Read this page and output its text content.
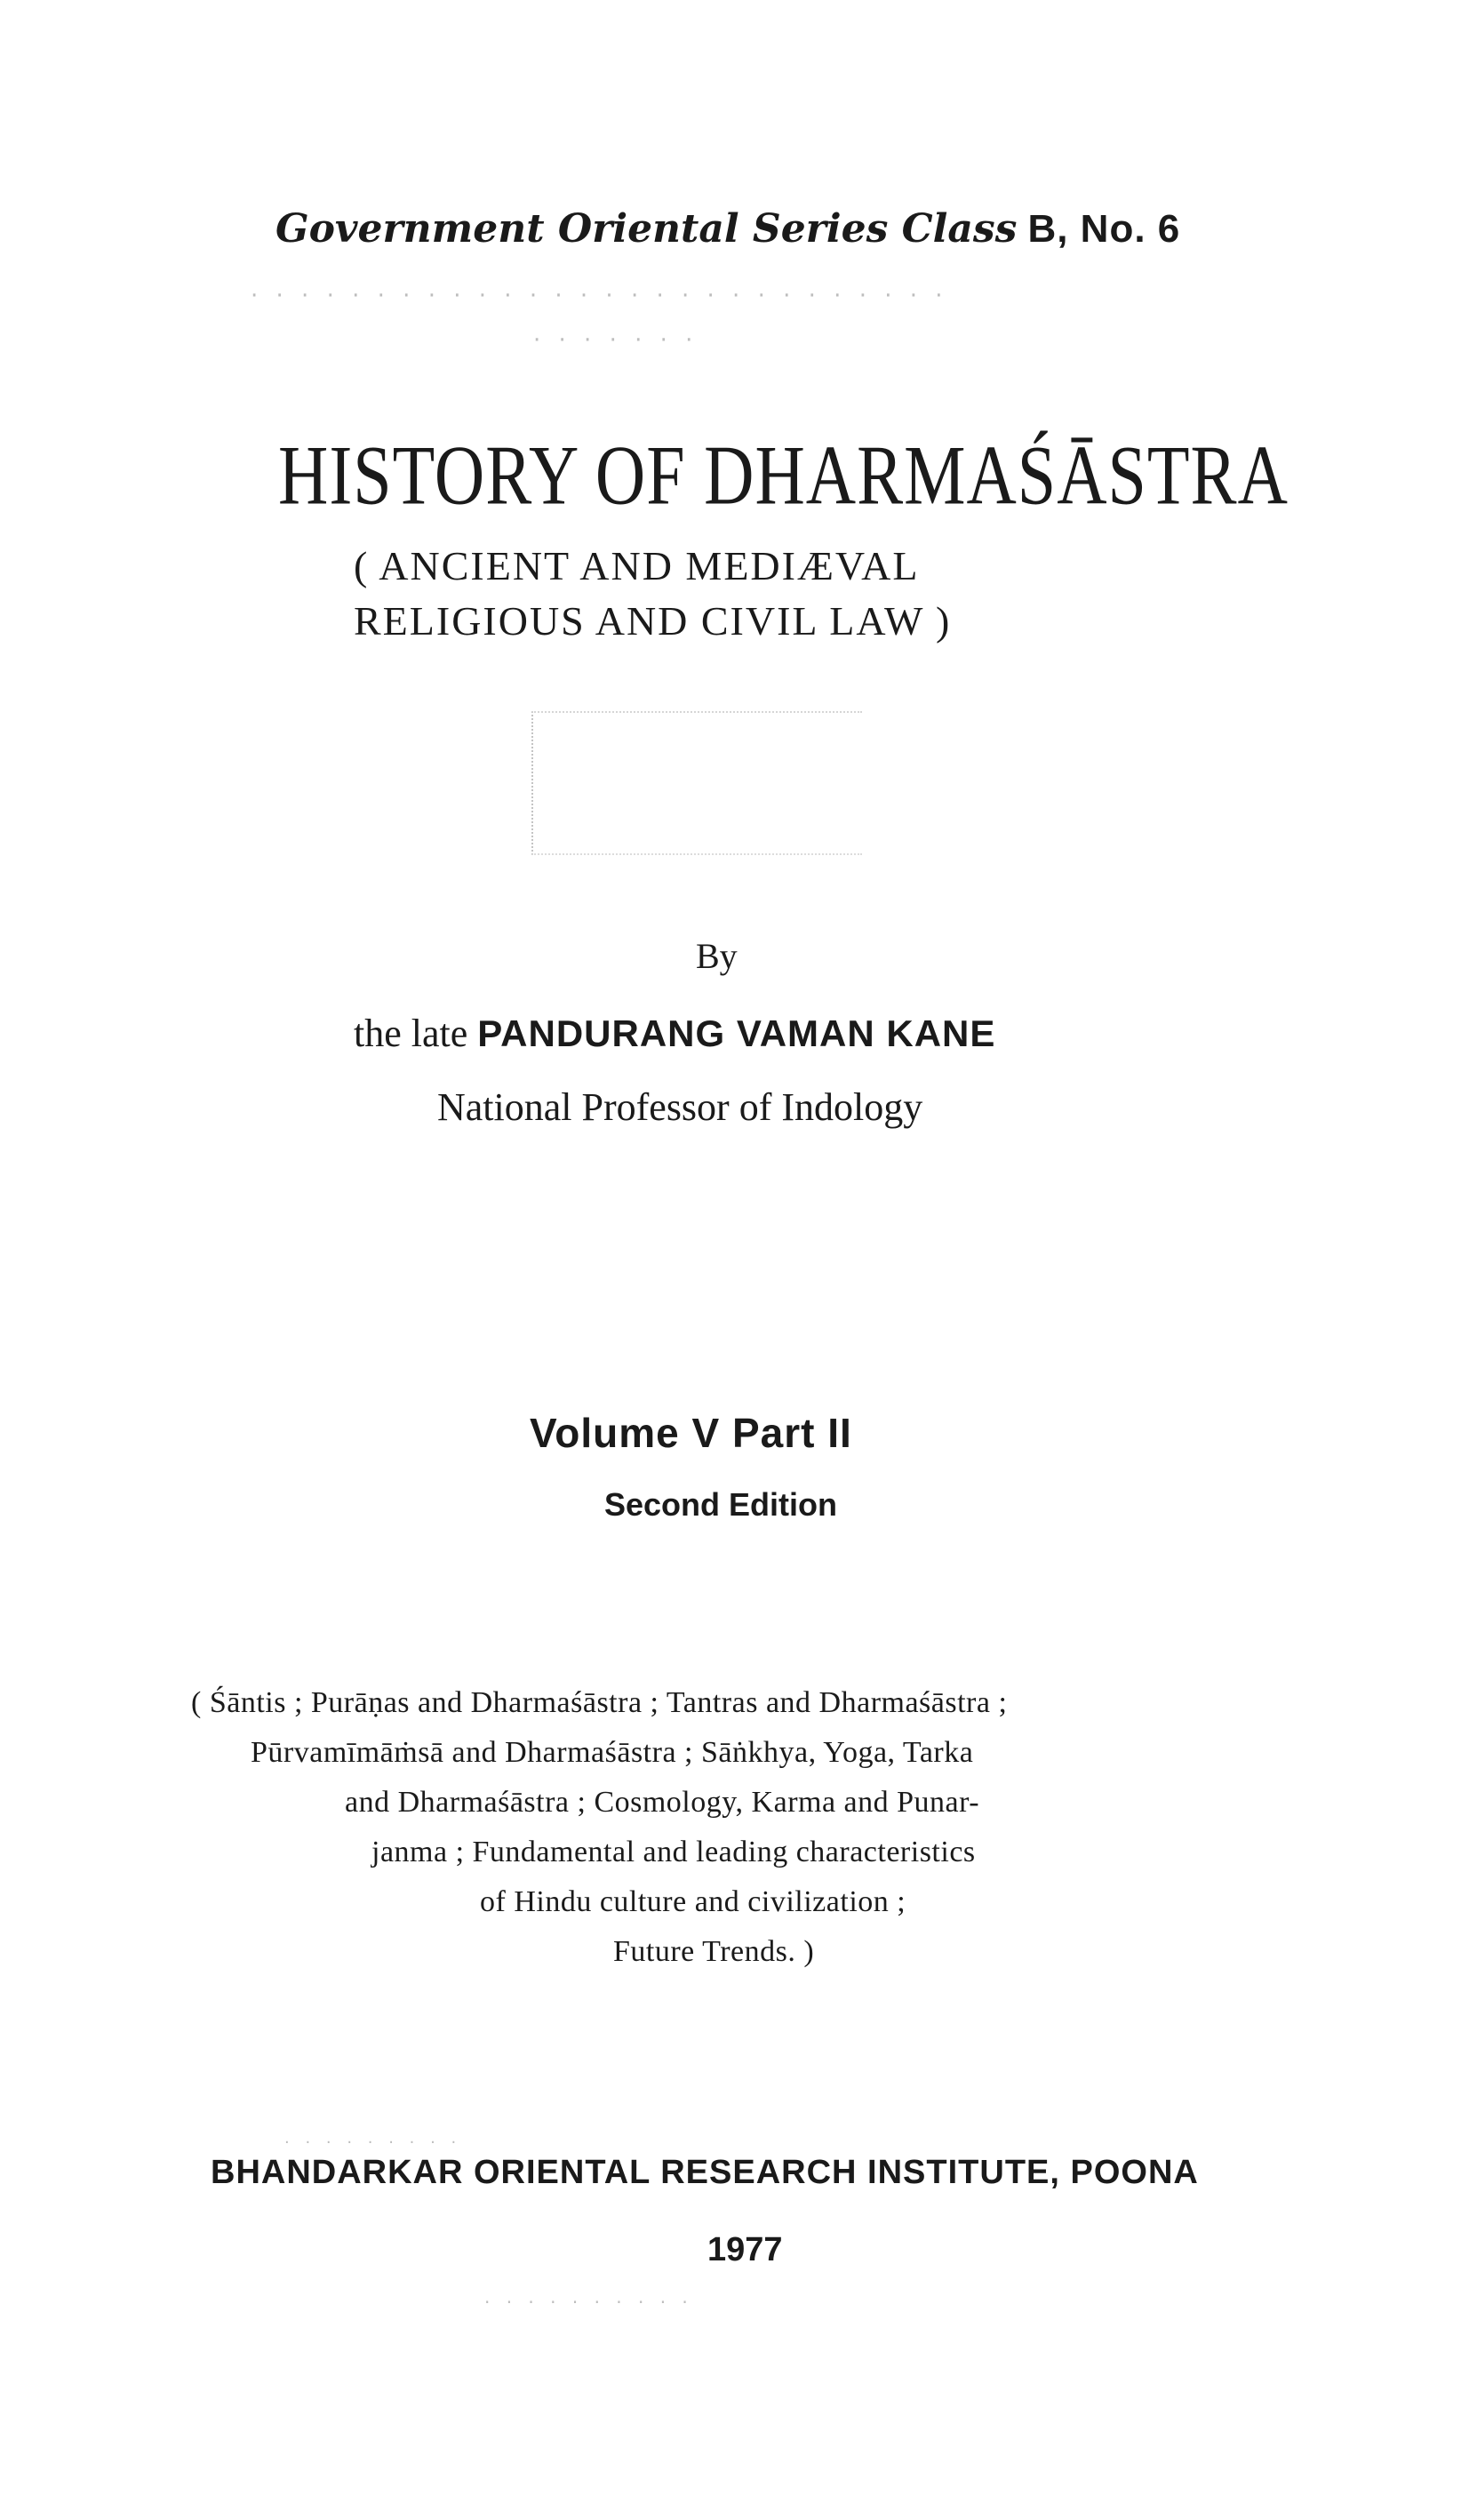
Government Oriental Series Class B, No. 6

· · · · · · · · · · · · · · · · · · · · · · · · · · · ·
· · · · · · ·
HISTORY OF DHARMAŚĀSTRA

( ANCIENT AND MEDIÆVAL

RELIGIOUS AND CIVIL LAW )

By

the late PANDURANG VAMAN KANE

National Professor of Indology

Volume V Part II

Second Edition

( Śāntis ; Purāṇas and Dharmaśāstra ; Tantras and Dharmaśāstra ;

Pūrvamīmāṁsā and Dharmaśāstra ; Sāṅkhya, Yoga, Tarka

and Dharmaśāstra ; Cosmology, Karma and Punar-

janma ; Fundamental and leading characteristics

of Hindu culture and civilization ;

Future Trends. )

· · · · · · · · ·

BHANDARKAR ORIENTAL RESEARCH INSTITUTE, POONA

1977

· · · · · · · · · ·
